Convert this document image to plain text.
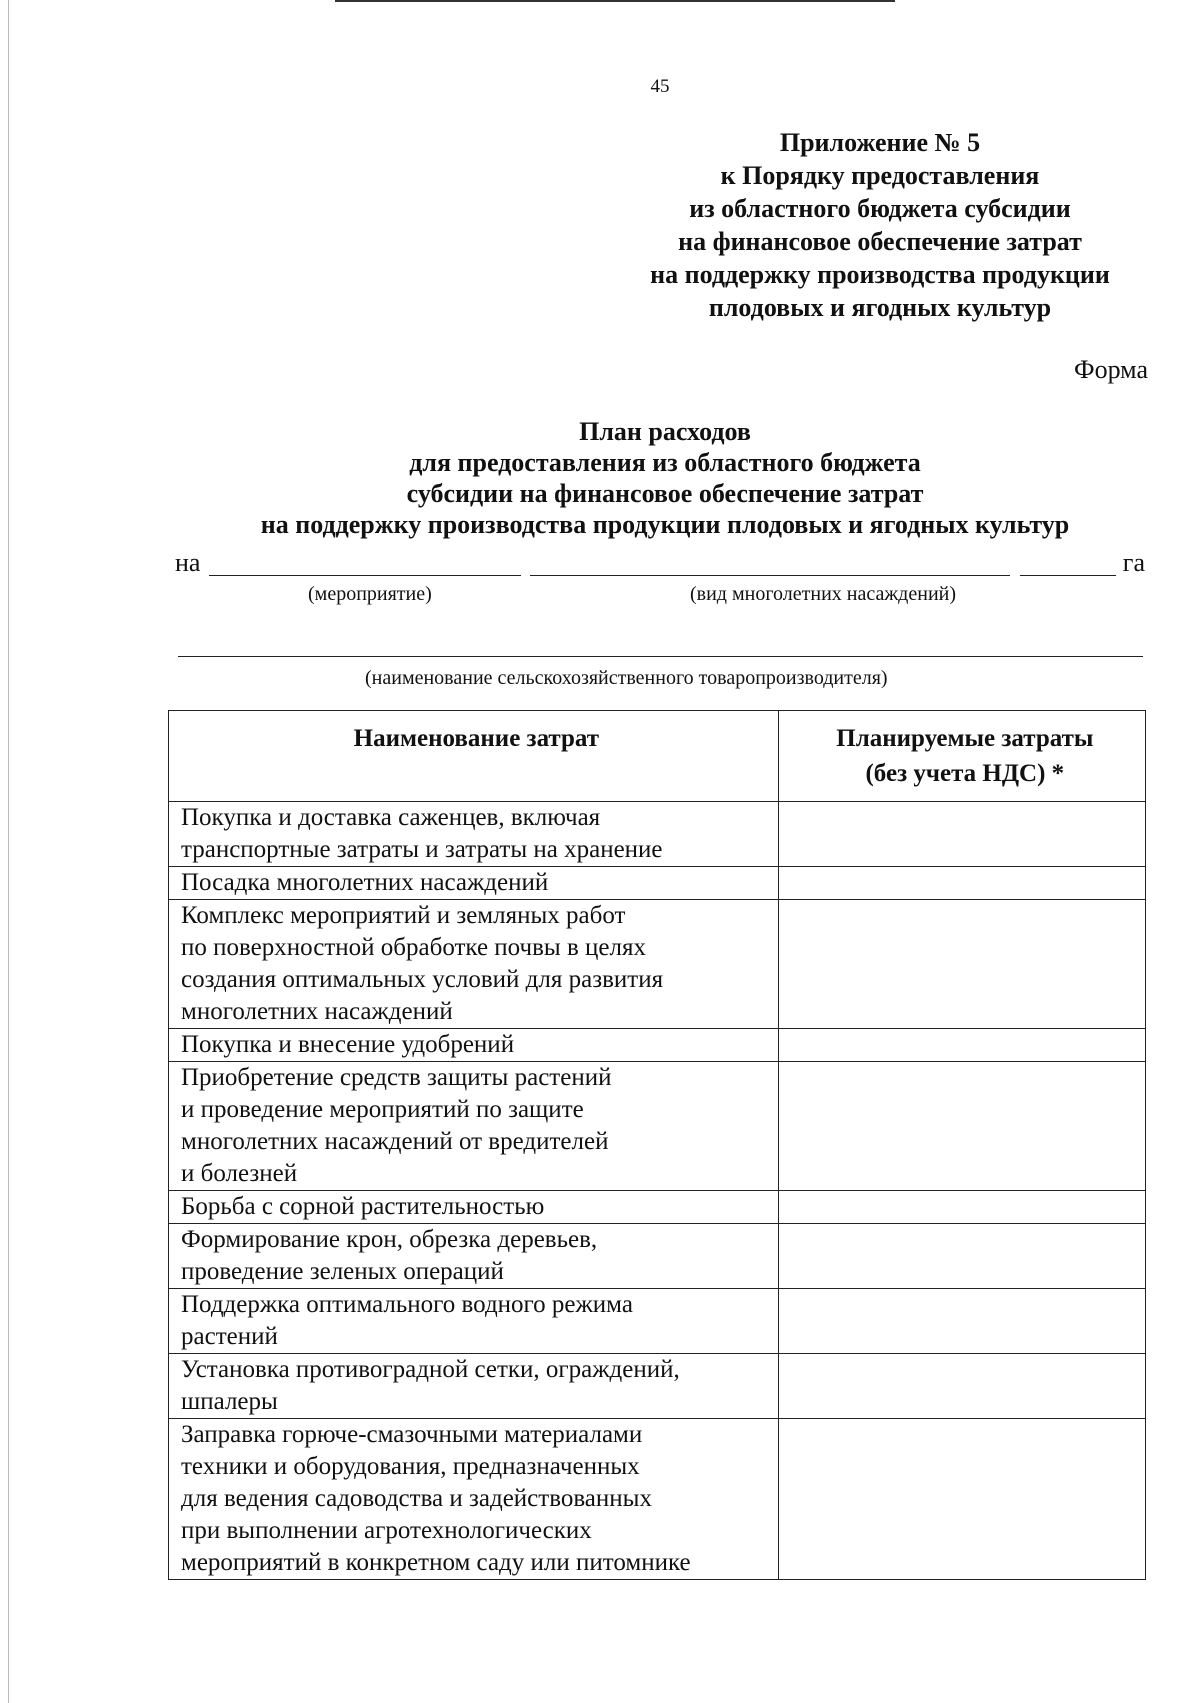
45
Приложение № 5
к Порядку предоставления
из областного бюджета субсидии
на финансовое обеспечение затрат
на поддержку производства продукции
плодовых и ягодных культур
Форма
План расходов
для предоставления из областного бюджета
субсидии на финансовое обеспечение затрат
на поддержку производства продукции плодовых и ягодных культур
на	га
(мероприятие)	(вид многолетних насаждений)
(наименование сельскохозяйственного товаропроизводителя)
Наименование затрат	Планируемые затраты
(без учета НДС) *

Покупка и доставка саженцев, включая
транспортные затраты и затраты на хранение	

Посадка многолетних насаждений	

Комплекс мероприятий и земляных работ
по поверхностной обработке почвы в целях
создания оптимальных условий для развития
многолетних насаждений	

Покупка и внесение удобрений	

Приобретение средств защиты растений
и проведение мероприятий по защите
многолетних насаждений от вредителей
и болезней	

Борьба с сорной растительностью	

Формирование крон, обрезка деревьев,
проведение зеленых операций	

Поддержка оптимального водного режима
растений	

Установка противоградной сетки, ограждений,
шпалеры	

Заправка горюче-смазочными материалами
техники и оборудования, предназначенных
для ведения садоводства и задействованных
при выполнении агротехнологических
мероприятий в конкретном саду или питомнике	
